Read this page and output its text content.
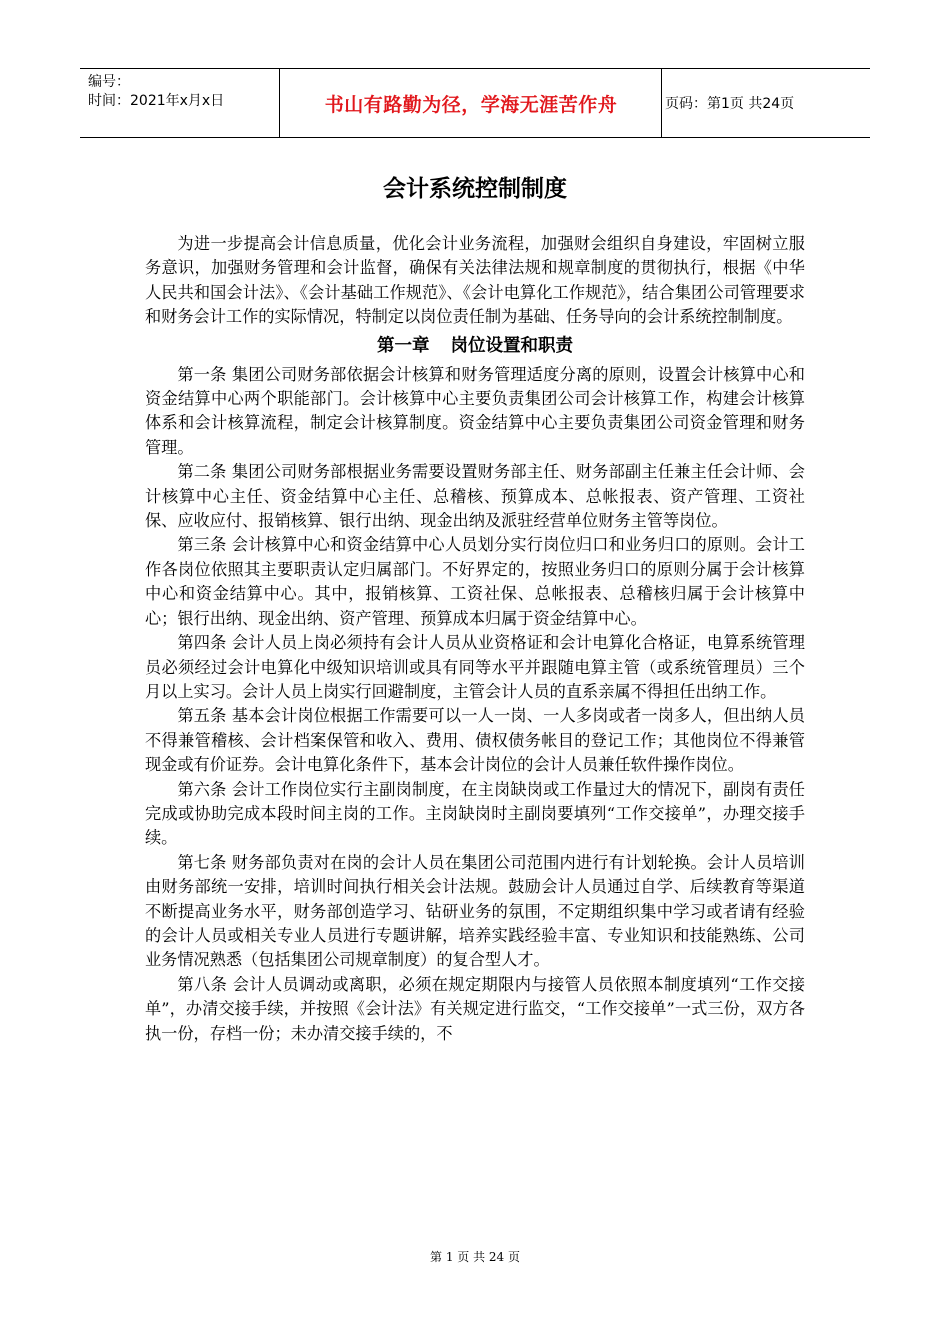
编号：
时间：2021年x月x日	书山有路勤为径，学海无涯苦作舟	页码：第1页 共24页
会计系统控制制度

为进一步提高会计信息质量，优化会计业务流程，加强财会组织自身建设，牢固树立服务意识，加强财务管理和会计监督，确保有关法律法规和规章制度的贯彻执行，根据《中华人民共和国会计法》、《会计基础工作规范》、《会计电算化工作规范》，结合集团公司管理要求和财务会计工作的实际情况，特制定以岗位责任制为基础、任务导向的会计系统控制制度。

第一章 岗位设置和职责

第一条 集团公司财务部依据会计核算和财务管理适度分离的原则，设置会计核算中心和资金结算中心两个职能部门。会计核算中心主要负责集团公司会计核算工作，构建会计核算体系和会计核算流程，制定会计核算制度。资金结算中心主要负责集团公司资金管理和财务管理。

第二条 集团公司财务部根据业务需要设置财务部主任、财务部副主任兼主任会计师、会计核算中心主任、资金结算中心主任、总稽核、预算成本、总帐报表、资产管理、工资社保、应收应付、报销核算、银行出纳、现金出纳及派驻经营单位财务主管等岗位。

第三条 会计核算中心和资金结算中心人员划分实行岗位归口和业务归口的原则。会计工作各岗位依照其主要职责认定归属部门。不好界定的，按照业务归口的原则分属于会计核算中心和资金结算中心。其中，报销核算、工资社保、总帐报表、总稽核归属于会计核算中心；银行出纳、现金出纳、资产管理、预算成本归属于资金结算中心。

第四条 会计人员上岗必须持有会计人员从业资格证和会计电算化合格证，电算系统管理员必须经过会计电算化中级知识培训或具有同等水平并跟随电算主管（或系统管理员）三个月以上实习。会计人员上岗实行回避制度，主管会计人员的直系亲属不得担任出纳工作。

第五条 基本会计岗位根据工作需要可以一人一岗、一人多岗或者一岗多人，但出纳人员不得兼管稽核、会计档案保管和收入、费用、债权债务帐目的登记工作；其他岗位不得兼管现金或有价证券。会计电算化条件下，基本会计岗位的会计人员兼任软件操作岗位。

第六条 会计工作岗位实行主副岗制度，在主岗缺岗或工作量过大的情况下，副岗有责任完成或协助完成本段时间主岗的工作。主岗缺岗时主副岗要填列“工作交接单”，办理交接手续。

第七条 财务部负责对在岗的会计人员在集团公司范围内进行有计划轮换。会计人员培训由财务部统一安排，培训时间执行相关会计法规。鼓励会计人员通过自学、后续教育等渠道不断提高业务水平，财务部创造学习、钻研业务的氛围，不定期组织集中学习或者请有经验的会计人员或相关专业人员进行专题讲解，培养实践经验丰富、专业知识和技能熟练、公司业务情况熟悉（包括集团公司规章制度）的复合型人才。

第八条 会计人员调动或离职，必须在规定期限内与接管人员依照本制度填列“工作交接单”，办清交接手续，并按照《会计法》有关规定进行监交，“工作交接单”一式三份，双方各执一份，存档一份；未办清交接手续的，不

第 1 页 共 24 页
